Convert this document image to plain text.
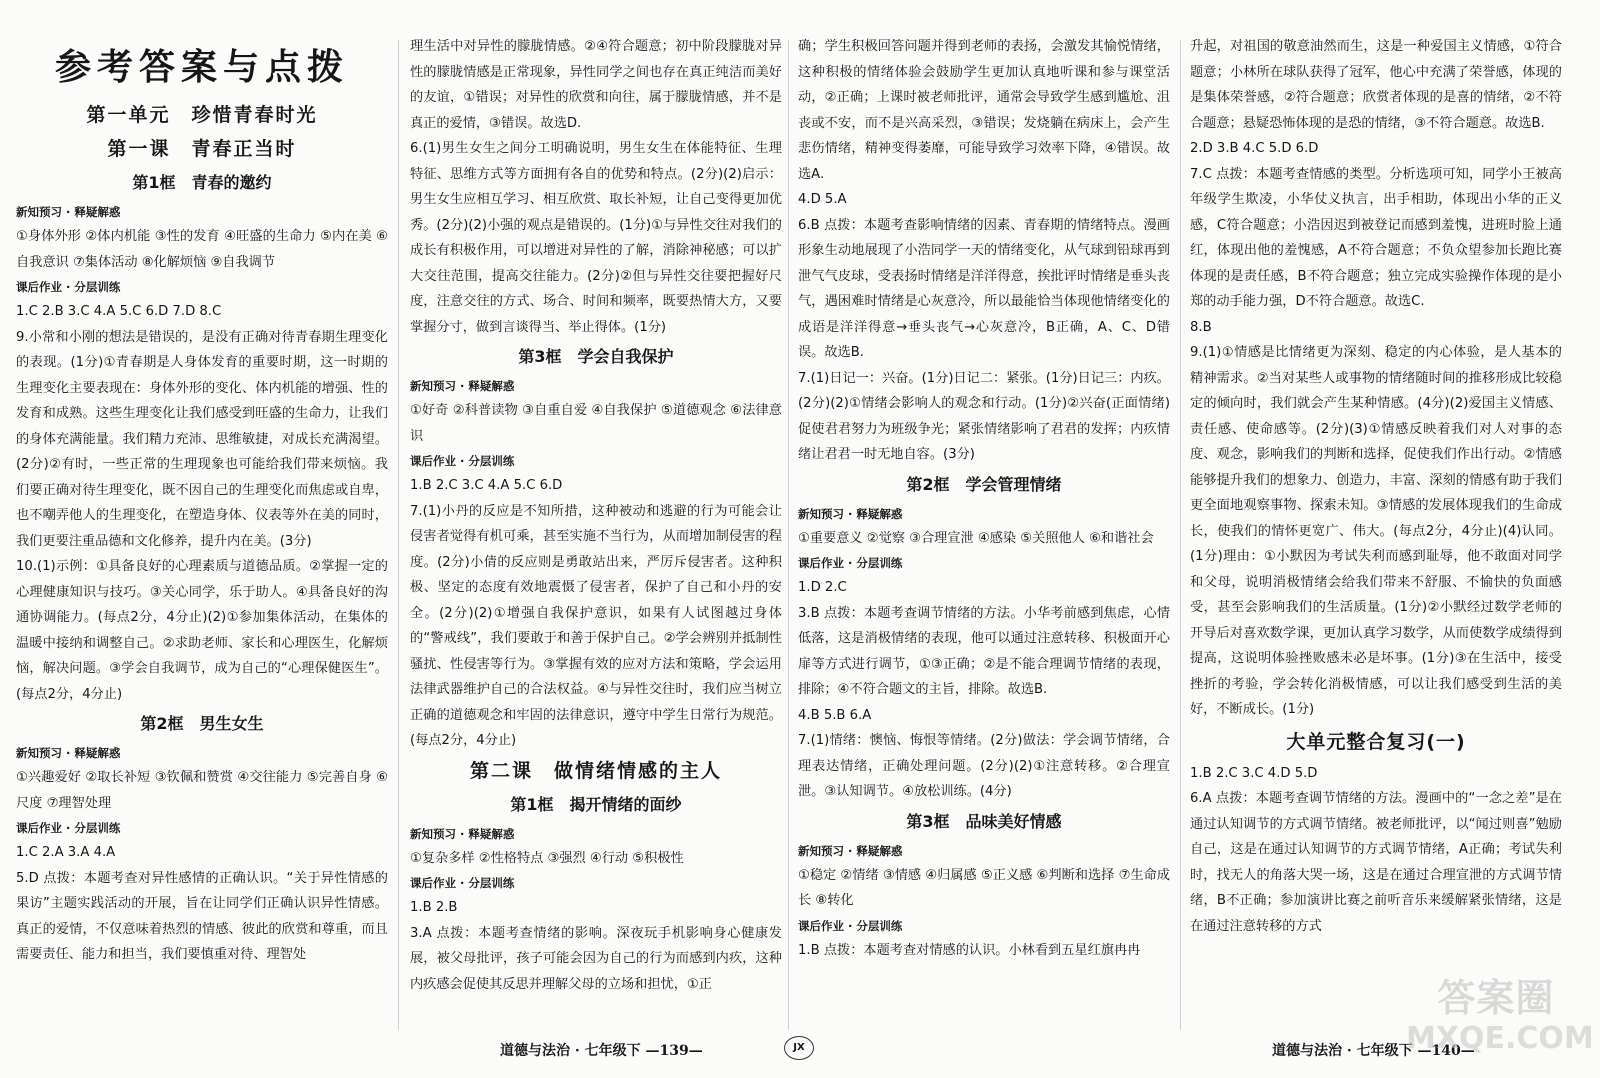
参考答案与点拨
第一单元　珍惜青春时光
第一课　青春正当时
第1框　青春的邀约
新知预习 · 释疑解惑
①身体外形 ②体内机能 ③性的发育 ④旺盛的生命力 ⑤内在美 ⑥自我意识 ⑦集体活动 ⑧化解烦恼 ⑨自我调节
课后作业 · 分层训练
1.C 2.B 3.C 4.A 5.C 6.D 7.D 8.C
9.小常和小刚的想法是错误的，是没有正确对待青春期生理变化的表现。(1分)①青春期是人身体发育的重要时期，这一时期的生理变化主要表现在：身体外形的变化、体内机能的增强、性的发育和成熟。这些生理变化让我们感受到旺盛的生命力，让我们的身体充满能量。我们精力充沛、思维敏捷，对成长充满渴望。(2分)②有时，一些正常的生理现象也可能给我们带来烦恼。我们要正确对待生理变化，既不因自己的生理变化而焦虑或自卑，也不嘲弄他人的生理变化，在塑造身体、仪表等外在美的同时，我们更要注重品德和文化修养，提升内在美。(3分)
10.(1)示例：①具备良好的心理素质与道德品质。②掌握一定的心理健康知识与技巧。③关心同学，乐于助人。④具备良好的沟通协调能力。(每点2分，4分止)(2)①参加集体活动，在集体的温暖中接纳和调整自己。②求助老师、家长和心理医生，化解烦恼，解决问题。③学会自我调节，成为自己的“心理保健医生”。(每点2分，4分止)
第2框　男生女生
新知预习 · 释疑解惑
①兴趣爱好 ②取长补短 ③钦佩和赞赏 ④交往能力 ⑤完善自身 ⑥尺度 ⑦理智处理
课后作业 · 分层训练
1.C 2.A 3.A 4.A
5.D 点拨：本题考查对异性感情的正确认识。“关于异性情感的果访”主题实践活动的开展，旨在让同学们正确认识异性情感。真正的爱情，不仅意味着热烈的情感、彼此的欣赏和尊重，而且需要责任、能力和担当，我们要慎重对待、理智处
理生活中对异性的朦胧情感。②④符合题意；初中阶段朦胧对异性的朦胧情感是正常现象，异性同学之间也存在真正纯洁而美好的友谊，①错误；对异性的欣赏和向往，属于朦胧情感，并不是真正的爱情，③错误。故选D.
6.(1)男生女生之间分工明确说明，男生女生在体能特征、生理特征、思维方式等方面拥有各自的优势和特点。(2分)(2)启示：男生女生应相互学习、相互欣赏、取长补短，让自己变得更加优秀。(2分)(2)小强的观点是错误的。(1分)①与异性交往对我们的成长有积极作用，可以增进对异性的了解，消除神秘感；可以扩大交往范围，提高交往能力。(2分)②但与异性交往要把握好尺度，注意交往的方式、场合、时间和频率，既要热情大方，又要掌握分寸，做到言谈得当、举止得体。(1分)
第3框　学会自我保护
新知预习 · 释疑解惑
①好奇 ②科普读物 ③自重自爱 ④自我保护 ⑤道德观念 ⑥法律意识
课后作业 · 分层训练
1.B 2.C 3.C 4.A 5.C 6.D
7.(1)小丹的反应是不知所措，这种被动和逃避的行为可能会让侵害者觉得有机可乘，甚至实施不当行为，从而增加制侵害的程度。(2分)小倩的反应则是勇敢站出来，严厉斥侵害者。这种积极、坚定的态度有效地震慑了侵害者，保护了自己和小丹的安全。(2分)(2)①增强自我保护意识，如果有人试图越过身体的“警戒线”，我们要敢于和善于保护自己。②学会辨别并抵制性骚扰、性侵害等行为。③掌握有效的应对方法和策略，学会运用法律武器维护自己的合法权益。④与异性交往时，我们应当树立正确的道德观念和牢固的法律意识，遵守中学生日常行为规范。(每点2分，4分止)
第二课　做情绪情感的主人
第1框　揭开情绪的面纱
新知预习 · 释疑解惑
①复杂多样 ②性格特点 ③强烈 ④行动 ⑤积极性
课后作业 · 分层训练
1.B 2.B
3.A 点拨：本题考查情绪的影响。深夜玩手机影响身心健康发展，被父母批评，孩子可能会因为自己的行为而感到内疚，这种内疚感会促使其反思并理解父母的立场和担忧，①正
确；学生积极回答问题并得到老师的表扬，会激发其愉悦情绪，这种积极的情绪体验会鼓励学生更加认真地听课和参与课堂活动，②正确；上课时被老师批评，通常会导致学生感到尴尬、沮丧或不安，而不是兴高采烈，③错误；发烧躺在病床上，会产生悲伤情绪，精神变得萎靡，可能导致学习效率下降，④错误。故选A.
4.D 5.A
6.B 点拨：本题考查影响情绪的因素、青春期的情绪特点。漫画形象生动地展现了小浩同学一天的情绪变化，从气球到铅球再到泄气气皮球，受表扬时情绪是洋洋得意，挨批评时情绪是垂头丧气，遇困难时情绪是心灰意冷，所以最能恰当体现他情绪变化的成语是洋洋得意→垂头丧气→心灰意冷，B正确，A、C、D错误。故选B.
7.(1)日记一：兴奋。(1分)日记二：紧张。(1分)日记三：内疚。(2分)(2)①情绪会影响人的观念和行动。(1分)②兴奋(正面情绪)促使君君努力为班级争光；紧张情绪影响了君君的发挥；内疚情绪让君君一时无地自容。(3分)
第2框　学会管理情绪
新知预习 · 释疑解惑
①重要意义 ②觉察 ③合理宣泄 ④感染 ⑤关照他人 ⑥和谐社会
课后作业 · 分层训练
1.D 2.C
3.B 点拨：本题考查调节情绪的方法。小华考前感到焦虑，心情低落，这是消极情绪的表现，他可以通过注意转移、积极面开心扉等方式进行调节，①③正确；②是不能合理调节情绪的表现，排除；④不符合题文的主旨，排除。故选B.
4.B 5.B 6.A
7.(1)情绪：懊恼、悔恨等情绪。(2分)做法：学会调节情绪，合理表达情绪，正确处理问题。(2分)(2)①注意转移。②合理宣泄。③认知调节。④放松训练。(4分)
第3框　品味美好情感
新知预习 · 释疑解惑
①稳定 ②情绪 ③情感 ④归属感 ⑤正义感 ⑥判断和选择 ⑦生命成长 ⑧转化
课后作业 · 分层训练
1.B 点拨：本题考查对情感的认识。小林看到五星红旗冉冉
升起，对祖国的敬意油然而生，这是一种爱国主义情感，①符合题意；小林所在球队获得了冠军，他心中充满了荣誉感，体现的是集体荣誉感，②符合题意；欣赏者体现的是喜的情绪，②不符合题意；悬疑恐怖体现的是恐的情绪，③不符合题意。故选B.
2.D 3.B 4.C 5.D 6.D
7.C 点拨：本题考查情感的类型。分析选项可知，同学小王被高年级学生欺凌，小华仗义执言，出手相助，体现出小华的正义感，C符合题意；小浩因迟到被登记而感到羞愧，进班时脸上通红，体现出他的羞愧感，A不符合题意；不负众望参加长跑比赛体现的是责任感，B不符合题意；独立完成实验操作体现的是小郑的动手能力强，D不符合题意。故选C.
8.B
9.(1)①情感是比情绪更为深刻、稳定的内心体验，是人基本的精神需求。②当对某些人或事物的情绪随时间的推移形成比较稳定的倾向时，我们就会产生某种情感。(4分)(2)爱国主义情感、责任感、使命感等。(2分)(3)①情感反映着我们对人对事的态度、观念，影响我们的判断和选择，促使我们作出行动。②情感能够提升我们的想象力、创造力，丰富、深刻的情感有助于我们更全面地观察事物、探索未知。③情感的发展体现我们的生命成长，使我们的情怀更宽广、伟大。(每点2分，4分止)(4)认同。(1分)理由：①小默因为考试失利而感到耻辱，他不敢面对同学和父母，说明消极情绪会给我们带来不舒服、不愉快的负面感受，甚至会影响我们的生活质量。(1分)②小默经过数学老师的开导后对喜欢数学课，更加认真学习数学，从而使数学成绩得到提高，这说明体验挫败感未必是坏事。(1分)③在生活中，接受挫折的考验，学会转化消极情感，可以让我们感受到生活的美好，不断成长。(1分)
大单元整合复习(一)
1.B 2.C 3.C 4.D 5.D
6.A 点拨：本题考查调节情绪的方法。漫画中的“一念之差”是在通过认知调节的方式调节情绪。被老师批评，以“闻过则喜”勉励自己，这是在通过认知调节的方式调节情绪，A正确；考试失利时，找无人的角落大哭一场，这是在通过合理宣泄的方式调节情绪，B不正确；参加演讲比赛之前听音乐来缓解紧张情绪，这是在通过注意转移的方式
道德与法治 · 七年级下 —139—	JX	道德与法治 · 七年级下 —140—
答案圈
MXQE.COM
